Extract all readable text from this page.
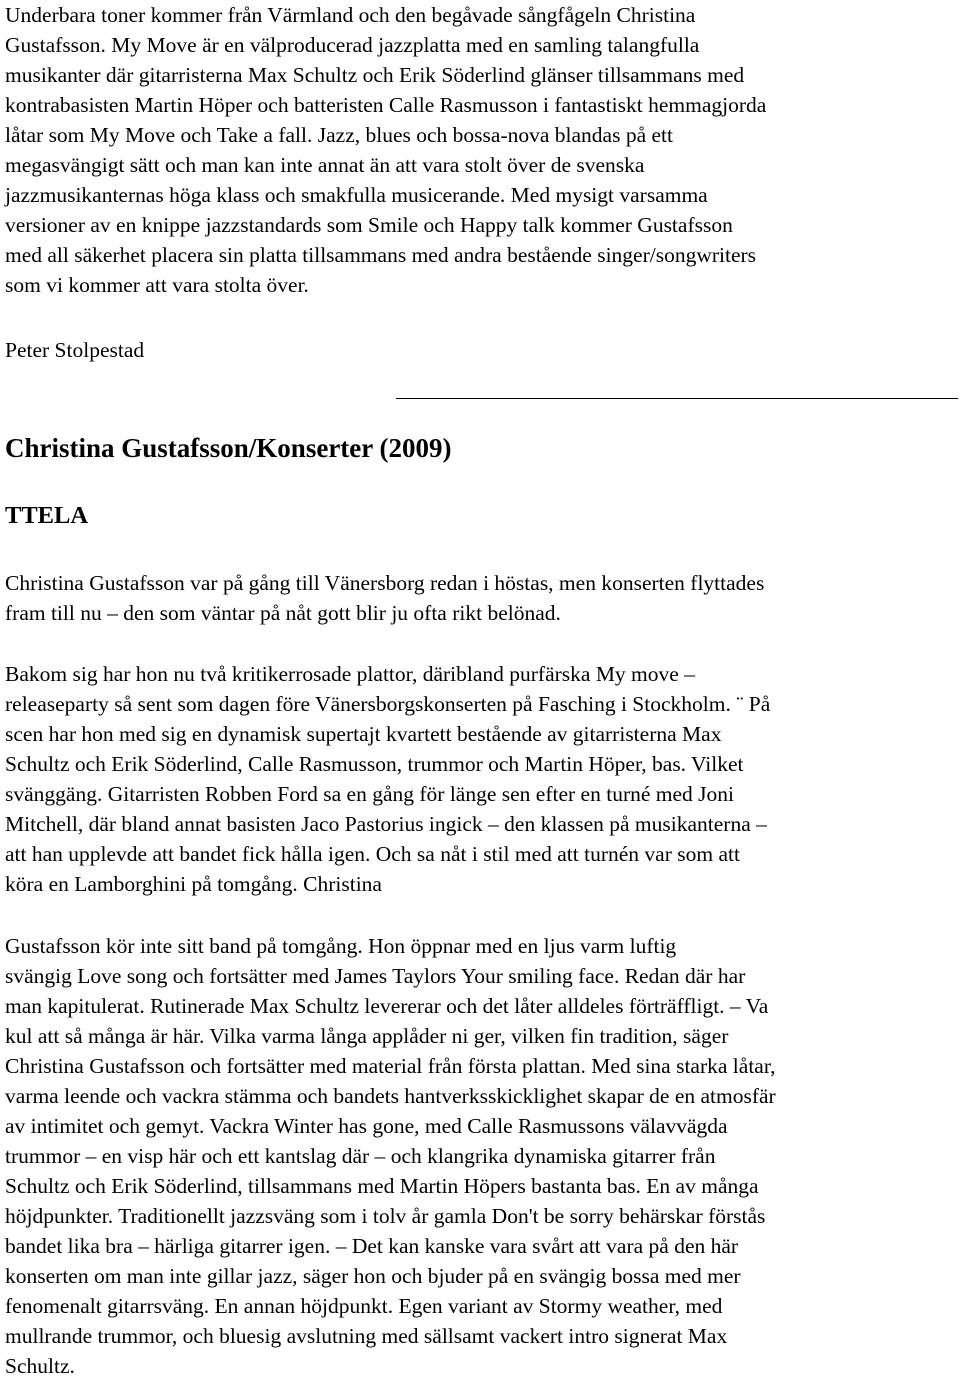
Underbara toner kommer från Värmland och den begåvade sångfågeln Christina
Gustafsson. My Move är en välproducerad jazzplatta med en samling talangfulla
musikanter där gitarristerna Max Schultz och Erik Söderlind glänser tillsammans med
kontrabasisten Martin Höper och batteristen Calle Rasmusson i fantastiskt hemmagjorda
låtar som My Move och Take a fall. Jazz, blues och bossa-nova blandas på ett
megasvängigt sätt och man kan inte annat än att vara stolt över de svenska
jazzmusikanternas höga klass och smakfulla musicerande. Med mysigt varsamma
versioner av en knippe jazzstandards som Smile och Happy talk kommer Gustafsson
med all säkerhet placera sin platta tillsammans med andra bestående singer/songwriters
som vi kommer att vara stolta över.

Peter Stolpestad

Christina Gustafsson/Konserter (2009)
TTELA

Christina Gustafsson var på gång till Vänersborg redan i höstas, men konserten flyttades
fram till nu – den som väntar på nåt gott blir ju ofta rikt belönad.

Bakom sig har hon nu två kritikerrosade plattor, däribland purfärska My move –
releaseparty så sent som dagen före Vänersborgskonserten på Fasching i Stockholm. ¨ På
scen har hon med sig en dynamisk supertajt kvartett bestående av gitarristerna Max
Schultz och Erik Söderlind, Calle Rasmusson, trummor och Martin Höper, bas. Vilket
svänggäng. Gitarristen Robben Ford sa en gång för länge sen efter en turné med Joni
Mitchell, där bland annat basisten Jaco Pastorius ingick – den klassen på musikanterna –
att han upplevde att bandet fick hålla igen. Och sa nåt i stil med att turnén var som att
köra en Lamborghini på tomgång. Christina

Gustafsson kör inte sitt band på tomgång. Hon öppnar med en ljus varm luftig
svängig Love song och fortsätter med James Taylors Your smiling face. Redan där har
man kapitulerat. Rutinerade Max Schultz levererar och det låter alldeles förträffligt. – Va
kul att så många är här. Vilka varma långa applåder ni ger, vilken fin tradition, säger
Christina Gustafsson och fortsätter med material från första plattan. Med sina starka låtar,
varma leende och vackra stämma och bandets hantverksskicklighet skapar de en atmosfär
av intimitet och gemyt. Vackra Winter has gone, med Calle Rasmussons välavvägda
trummor – en visp här och ett kantslag där – och klangrika dynamiska gitarrer från
Schultz och Erik Söderlind, tillsammans med Martin Höpers bastanta bas. En av många
höjdpunkter. Traditionellt jazzsväng som i tolv år gamla Don't be sorry behärskar förstås
bandet lika bra – härliga gitarrer igen. – Det kan kanske vara svårt att vara på den här
konserten om man inte gillar jazz, säger hon och bjuder på en svängig bossa med mer
fenomenalt gitarrsväng. En annan höjdpunkt. Egen variant av Stormy weather, med
mullrande trummor, och bluesig avslutning med sällsamt vackert intro signerat Max
Schultz.
